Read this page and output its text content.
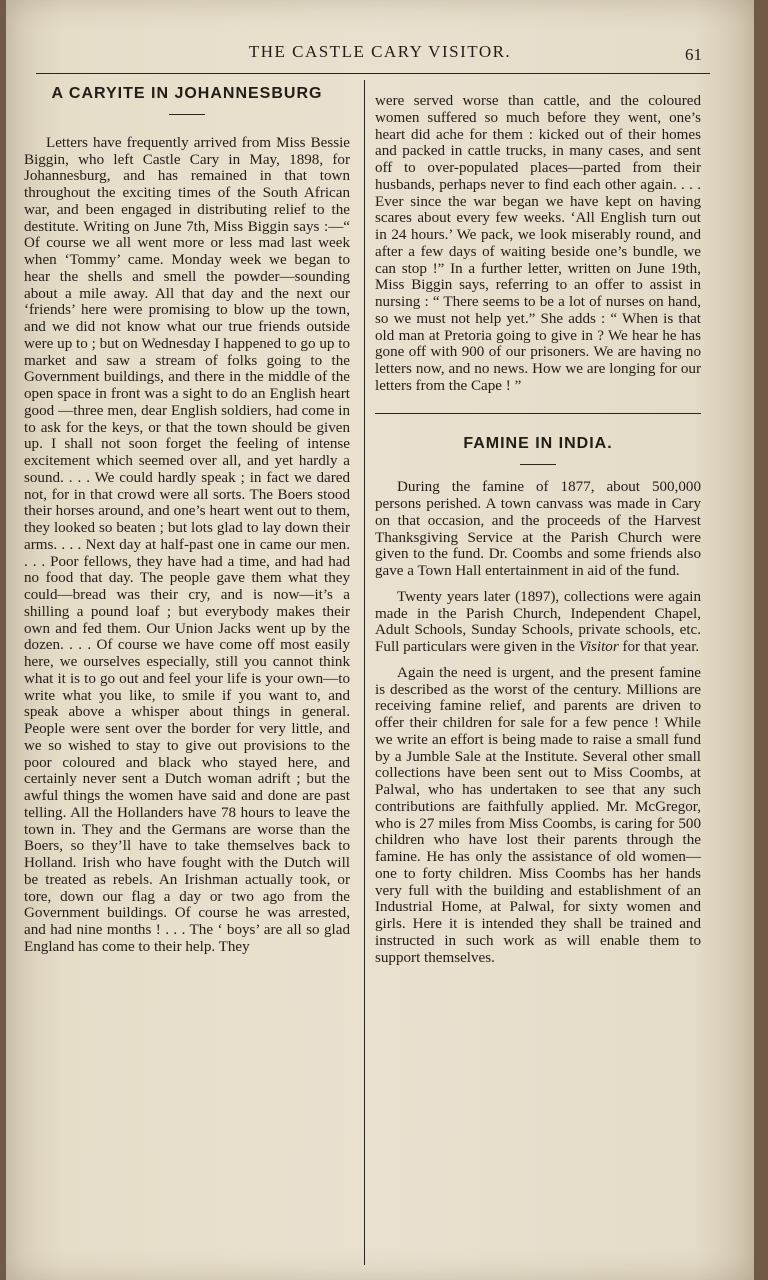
THE CASTLE CARY VISITOR.	61
A CARYITE IN JOHANNESBURG

Letters have frequently arrived from Miss Bessie Biggin, who left Castle Cary in May, 1898, for Johannesburg, and has remained in that town throughout the exciting times of the South African war, and been engaged in distributing relief to the destitute. Writing on June 7th, Miss Biggin says :—“ Of course we all went more or less mad last week when ‘Tommy’ came. Monday week we began to hear the shells and smell the powder—sounding about a mile away. All that day and the next our ‘friends’ here were promising to blow up the town, and we did not know what our true friends outside were up to ; but on Wednesday I happened to go up to market and saw a stream of folks going to the Government buildings, and there in the middle of the open space in front was a sight to do an English heart good —three men, dear English soldiers, had come in to ask for the keys, or that the town should be given up. I shall not soon forget the feeling of intense excitement which seemed over all, and yet hardly a sound. . . . We could hardly speak ; in fact we dared not, for in that crowd were all sorts. The Boers stood their horses around, and one’s heart went out to them, they looked so beaten ; but lots glad to lay down their arms. . . . Next day at half-past one in came our men. . . . Poor fellows, they have had a time, and had had no food that day. The people gave them what they could—bread was their cry, and is now—it’s a shilling a pound loaf ; but everybody makes their own and fed them. Our Union Jacks went up by the dozen. . . . Of course we have come off most easily here, we ourselves especially, still you cannot think what it is to go out and feel your life is your own—to write what you like, to smile if you want to, and speak above a whisper about things in general. People were sent over the border for very little, and we so wished to stay to give out provisions to the poor coloured and black who stayed here, and certainly never sent a Dutch woman adrift ; but the awful things the women have said and done are past telling. All the Hollanders have 78 hours to leave the town in. They and the Germans are worse than the Boers, so they’ll have to take themselves back to Holland. Irish who have fought with the Dutch will be treated as rebels. An Irishman actually took, or tore, down our flag a day or two ago from the Government buildings. Of course he was arrested, and had nine months ! . . . The ‘ boys’ are all so glad England has come to their help. They

were served worse than cattle, and the coloured women suffered so much before they went, one’s heart did ache for them : kicked out of their homes and packed in cattle trucks, in many cases, and sent off to over-populated places—parted from their husbands, perhaps never to find each other again. . . . Ever since the war began we have kept on having scares about every few weeks. ‘All English turn out in 24 hours.’ We pack, we look miserably round, and after a few days of waiting beside one’s bundle, we can stop !” In a further letter, written on June 19th, Miss Biggin says, referring to an offer to assist in nursing : “ There seems to be a lot of nurses on hand, so we must not help yet.” She adds : “ When is that old man at Pretoria going to give in ? We hear he has gone off with 900 of our prisoners. We are having no letters now, and no news. How we are longing for our letters from the Cape ! ”

FAMINE IN INDIA.

During the famine of 1877, about 500,000 persons perished. A town canvass was made in Cary on that occasion, and the proceeds of the Harvest Thanksgiving Service at the Parish Church were given to the fund. Dr. Coombs and some friends also gave a Town Hall entertainment in aid of the fund.

Twenty years later (1897), collections were again made in the Parish Church, Independent Chapel, Adult Schools, Sunday Schools, private schools, etc. Full particulars were given in the Visitor for that year.

Again the need is urgent, and the present famine is described as the worst of the century. Millions are receiving famine relief, and parents are driven to offer their children for sale for a few pence ! While we write an effort is being made to raise a small fund by a Jumble Sale at the Institute. Several other small collections have been sent out to Miss Coombs, at Palwal, who has undertaken to see that any such contributions are faithfully applied. Mr. McGregor, who is 27 miles from Miss Coombs, is caring for 500 children who have lost their parents through the famine. He has only the assistance of old women—one to forty children. Miss Coombs has her hands very full with the building and establishment of an Industrial Home, at Palwal, for sixty women and girls. Here it is intended they shall be trained and instructed in such work as will enable them to support themselves.
